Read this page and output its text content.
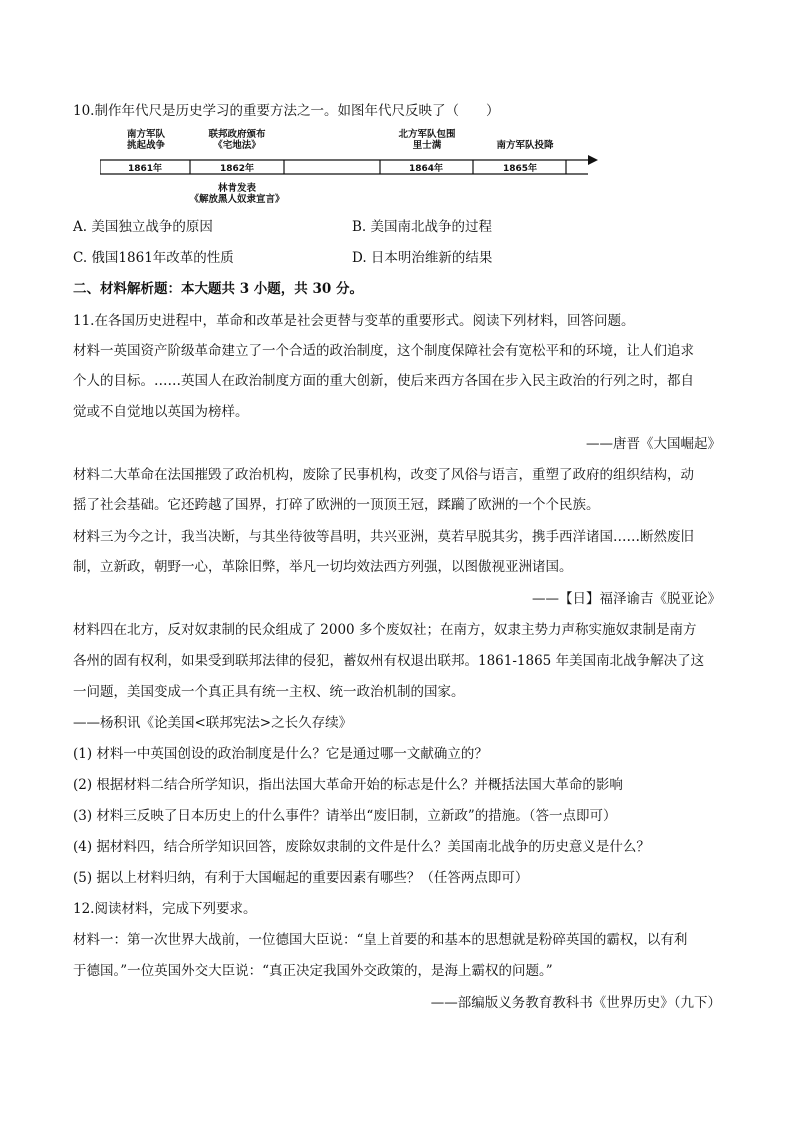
10.制作年代尺是历史学习的重要方法之一。如图年代尺反映了（　　）
南方军队
挑起战争
联邦政府颁布
《宅地法》
北方军队包围
里士满	南方军队投降
1861年	1862年	1864年	1865年
林肯发表
《解放黑人奴隶宣言》
A. 美国独立战争的原因	B. 美国南北战争的过程
C. 俄国1861年改革的性质	D. 日本明治维新的结果
二、材料解析题：本大题共 3 小题，共 30 分。
11.在各国历史进程中，革命和改革是社会更替与变革的重要形式。阅读下列材料，回答问题。
材料一英国资产阶级革命建立了一个合适的政治制度，这个制度保障社会有宽松平和的环境，让人们追求
个人的目标。……英国人在政治制度方面的重大创新，使后来西方各国在步入民主政治的行列之时，都自
觉或不自觉地以英国为榜样。
——唐晋《大国崛起》
材料二大革命在法国摧毁了政治机构，废除了民事机构，改变了风俗与语言，重塑了政府的组织结构，动
摇了社会基础。它还跨越了国界，打碎了欧洲的一顶顶王冠，蹂躏了欧洲的一个个民族。
材料三为今之计，我当决断，与其坐待彼等昌明，共兴亚洲，莫若早脱其劣，携手西洋诸国……断然废旧
制，立新政，朝野一心，革除旧弊，举凡一切均效法西方列强，以图傲视亚洲诸国。
——【日】福泽谕吉《脱亚论》
材料四在北方，反对奴隶制的民众组成了 2000 多个废奴社；在南方，奴隶主势力声称实施奴隶制是南方
各州的固有权利，如果受到联邦法律的侵犯，蓄奴州有权退出联邦。1861-1865 年美国南北战争解决了这
一问题，美国变成一个真正具有统一主权、统一政治机制的国家。
——杨积讯《论美国<联邦宪法>之长久存续》
(1) 材料一中英国创设的政治制度是什么？它是通过哪一文献确立的？
(2) 根据材料二结合所学知识，指出法国大革命开始的标志是什么？并概括法国大革命的影响
(3) 材料三反映了日本历史上的什么事件？请举出“废旧制，立新政”的措施。（答一点即可）
(4) 据材料四，结合所学知识回答，废除奴隶制的文件是什么？美国南北战争的历史意义是什么？
(5) 据以上材料归纳，有利于大国崛起的重要因素有哪些？（任答两点即可）
12.阅读材料，完成下列要求。
材料一：第一次世界大战前，一位德国大臣说：“皇上首要的和基本的思想就是粉碎英国的霸权，以有利
于德国。”一位英国外交大臣说：“真正决定我国外交政策的，是海上霸权的问题。”
——部编版义务教育教科书《世界历史》（九下）
